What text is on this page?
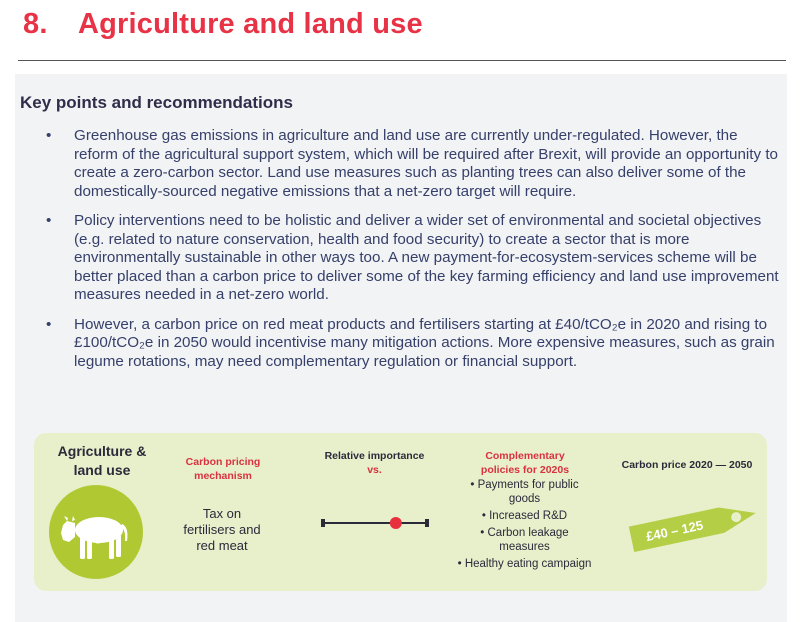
8. Agriculture and land use
Key points and recommendations
• Greenhouse gas emissions in agriculture and land use are currently under-regulated. However, the reform of the agricultural support system, which will be required after Brexit, will provide an opportunity to create a zero-carbon sector. Land use measures such as planting trees can also deliver some of the domestically-sourced negative emissions that a net-zero target will require.
• Policy interventions need to be holistic and deliver a wider set of environmental and societal objectives (e.g. related to nature conservation, health and food security) to create a sector that is more environmentally sustainable in other ways too. A new payment-for-ecosystem-services scheme will be better placed than a carbon price to deliver some of the key farming efficiency and land use improvement measures needed in a net-zero world.
• However, a carbon price on red meat products and fertilisers starting at £40/tCO₂e in 2020 and rising to £100/tCO₂e in 2050 would incentivise many mitigation actions. More expensive measures, such as grain legume rotations, may need complementary regulation or financial support.
Agriculture &
land use	Carbon pricing
mechanism
Tax on
fertilisers and
red meat
Relative importance
vs.
Complementary
policies for 2020s
• Payments for public
goods
• Increased R&D
• Carbon leakage
measures
• Healthy eating campaign
Carbon price 2020 — 2050
£40 – 125
